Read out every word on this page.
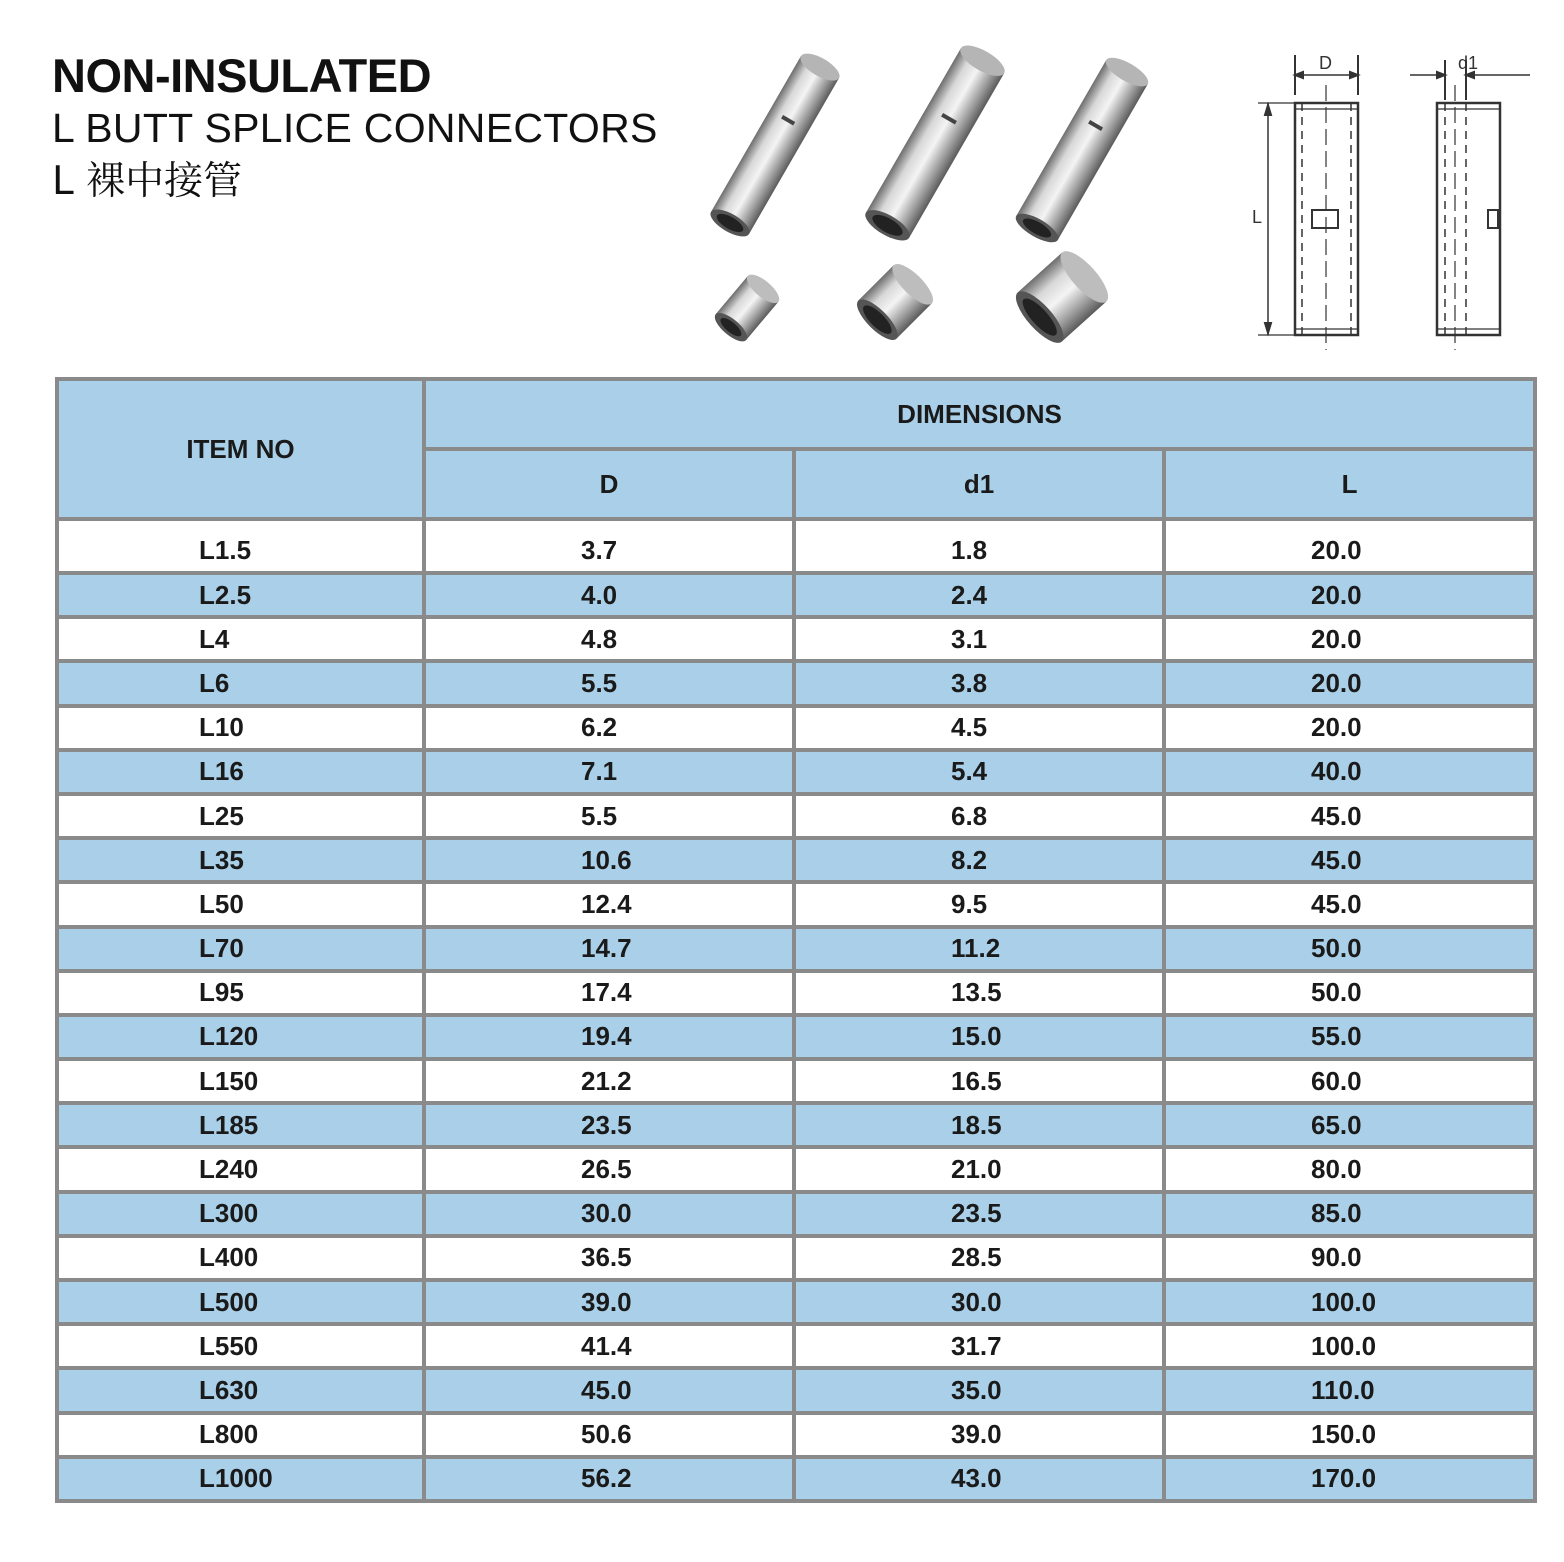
NON-INSULATED
L BUTT SPLICE CONNECTORS
L 裸中接管
D
L
d1
ITEM NO	DIMENSIONS		
	D	d1	L
L1.5	3.7	1.8	20.0
L2.5	4.0	2.4	20.0
L4	4.8	3.1	20.0
L6	5.5	3.8	20.0
L10	6.2	4.5	20.0
L16	7.1	5.4	40.0
L25	5.5	6.8	45.0
L35	10.6	8.2	45.0
L50	12.4	9.5	45.0
L70	14.7	11.2	50.0
L95	17.4	13.5	50.0
L120	19.4	15.0	55.0
L150	21.2	16.5	60.0
L185	23.5	18.5	65.0
L240	26.5	21.0	80.0
L300	30.0	23.5	85.0
L400	36.5	28.5	90.0
L500	39.0	30.0	100.0
L550	41.4	31.7	100.0
L630	45.0	35.0	110.0
L800	50.6	39.0	150.0
L1000	56.2	43.0	170.0
